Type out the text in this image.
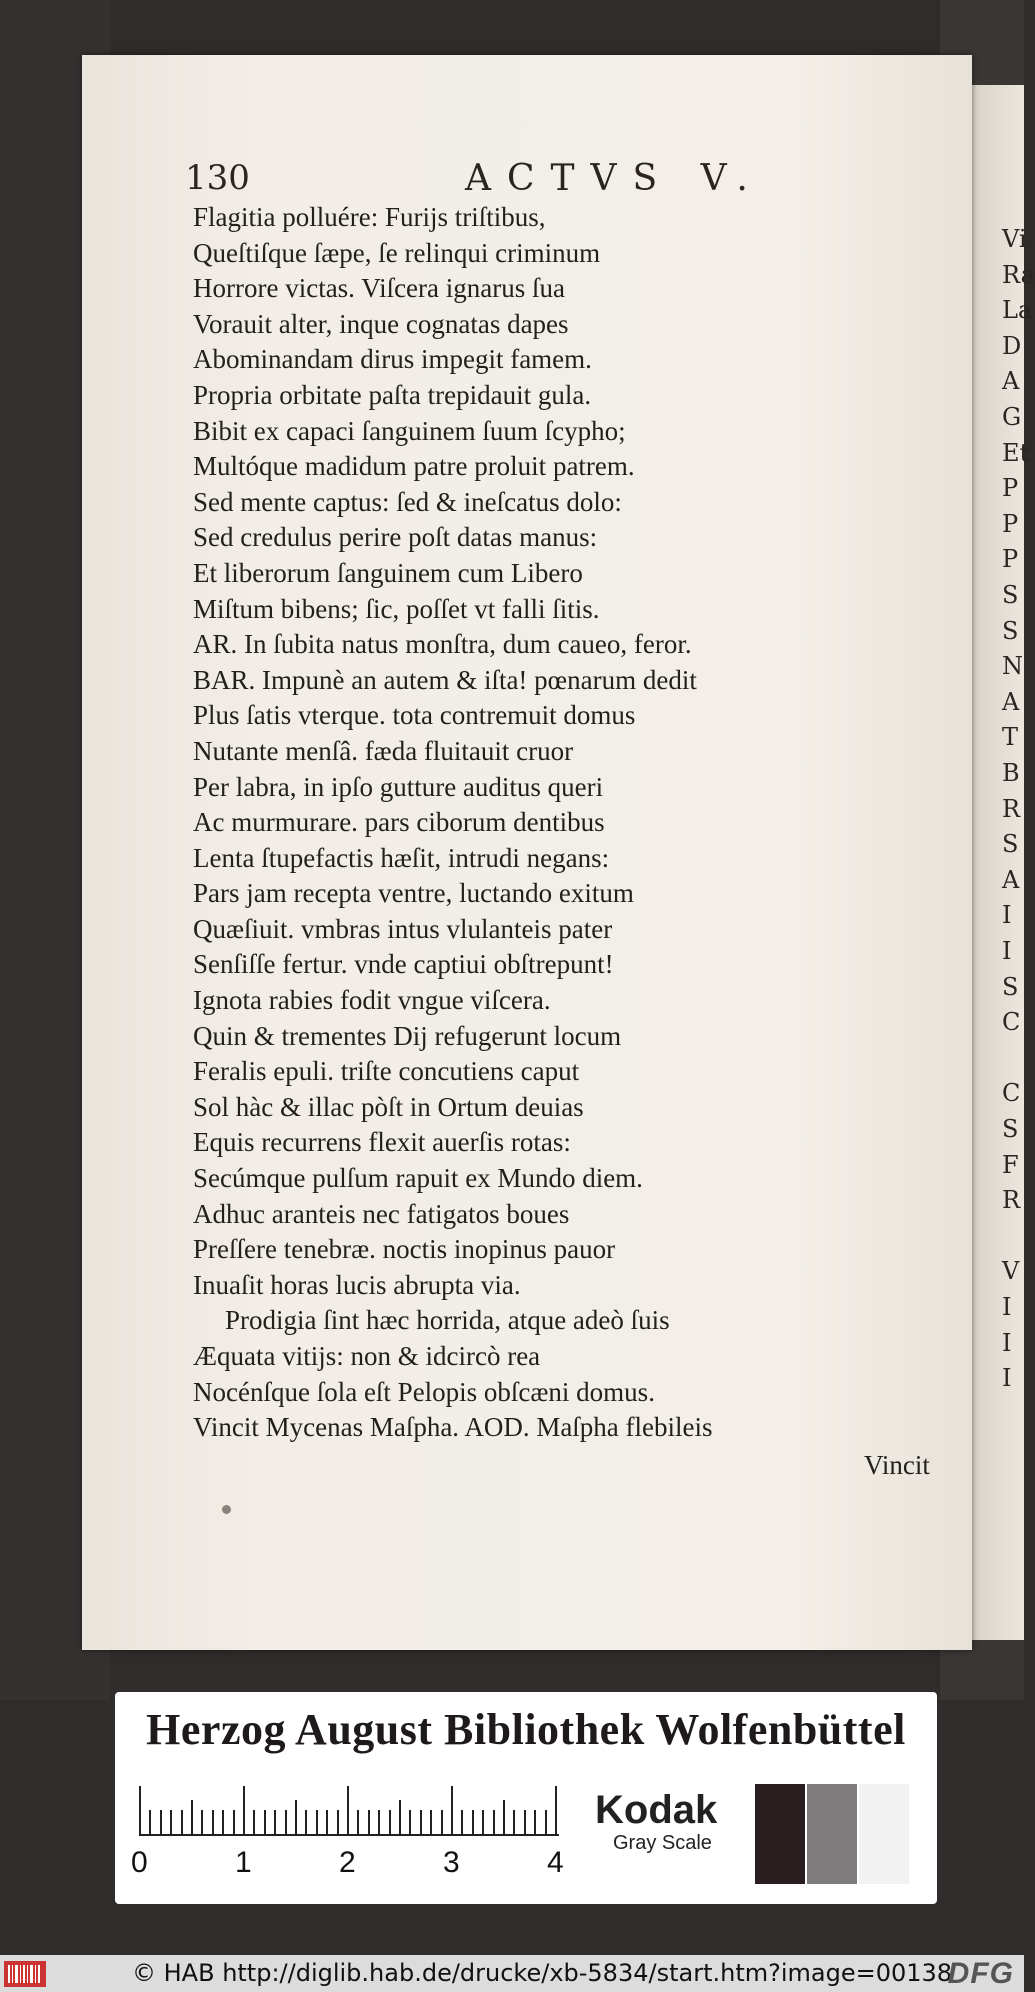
Vi
Ra
La
D
A
G
Et
P
P
P
S
S
N
A
T
B
R
S
A
I
I
S
C
C
S
F
R
V
I
I
I
130	ACTVS V.
Flagitia polluére: Furijs triſtibus,
Queſtiſque ſæpe, ſe relinqui criminum
Horrore victas. Viſcera ignarus ſua
Vorauit alter, inque cognatas dapes
Abominandam dirus impegit famem.
Propria orbitate paſta trepidauit gula.
Bibit ex capaci ſanguinem ſuum ſcypho;
Multóque madidum patre proluit patrem.
Sed mente captus: ſed & ineſcatus dolo:
Sed credulus perire poſt datas manus:
Et liberorum ſanguinem cum Libero
Miſtum bibens; ſic, poſſet vt falli ſitis.
AR. In ſubita natus monſtra, dum caueo, feror.
BAR. Impunè an autem & iſta! pœnarum dedit
Plus ſatis vterque. tota contremuit domus
Nutante menſâ. fæda fluitauit cruor
Per labra, in ipſo gutture auditus queri
Ac murmurare. pars ciborum dentibus
Lenta ſtupefactis hæſit, intrudi negans:
Pars jam recepta ventre, luctando exitum
Quæſiuit. vmbras intus vlulanteis pater
Senſiſſe fertur. vnde captiui obſtrepunt!
Ignota rabies fodit vngue viſcera.
Quin & trementes Dij refugerunt locum
Feralis epuli. triſte concutiens caput
Sol hàc & illac pòſt in Ortum deuias
Equis recurrens flexit auerſis rotas:
Secúmque pulſum rapuit ex Mundo diem.
Adhuc aranteis nec fatigatos boues
Preſſere tenebræ. noctis inopinus pauor
Inuaſit horas lucis abrupta via.
Prodigia ſint hæc horrida, atque adeò ſuis
Æquata vitijs: non & idcircò rea
Nocénſque ſola eſt Pelopis obſcæni domus.
Vincit Mycenas Maſpha. AOD. Maſpha flebileis
Vincit
Herzog August Bibliothek Wolfenbüttel
0	1	2	3	4
Kodak
Gray Scale
© HAB http://diglib.hab.de/drucke/xb-5834/start.htm?image=00138
DFG
